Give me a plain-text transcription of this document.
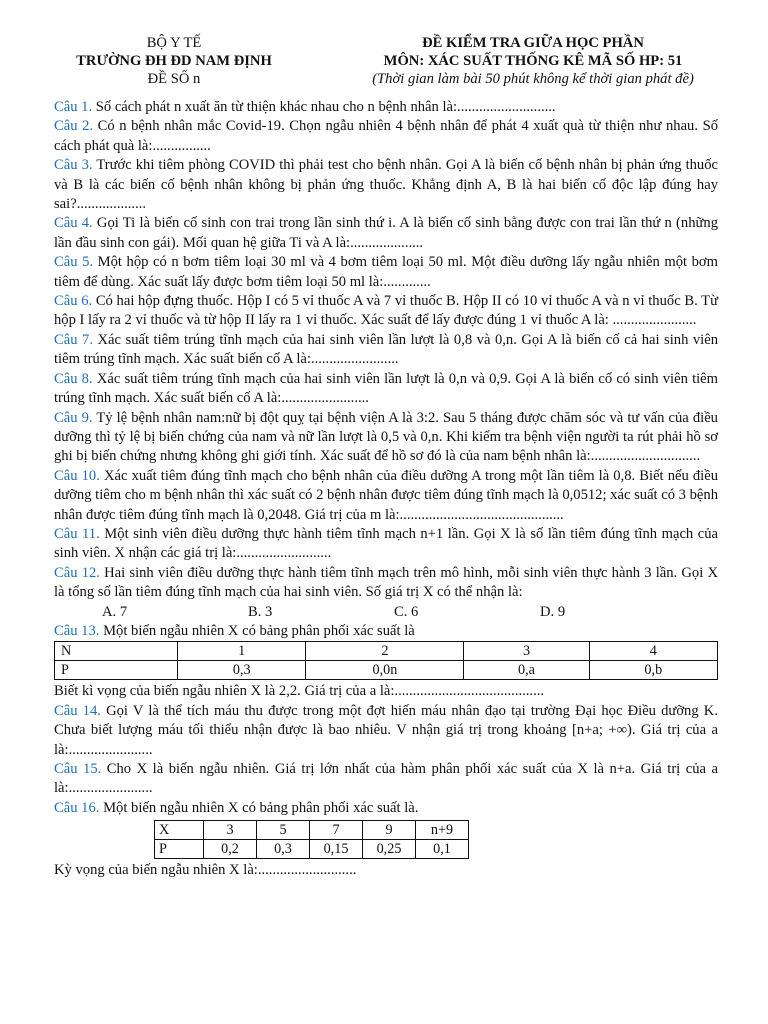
BỘ Y TẾ
TRƯỜNG ĐH ĐD NAM ĐỊNH
ĐỀ SỐ n
ĐỀ KIỂM TRA GIỮA HỌC PHẦN
MÔN: XÁC SUẤT THỐNG KÊ MÃ SỐ HP: 51
(Thời gian làm bài 50 phút không kể thời gian phát đề)

Câu 1. Số cách phát n xuất ăn từ thiện khác nhau cho n bệnh nhân là:...........................

Câu 2. Có n bệnh nhân mắc Covid-19. Chọn ngẫu nhiên 4 bệnh nhân để phát 4 xuất quà từ thiện như nhau. Số cách phát quà là:................

Câu 3. Trước khi tiêm phòng COVID thì phải test cho bệnh nhân. Gọi A là biến cố bệnh nhân bị phản ứng thuốc và B là các biến cố bệnh nhân không bị phản ứng thuốc. Khẳng định A, B là hai biến cố độc lập đúng hay sai?...................

Câu 4. Gọi Ti là biến cố sinh con trai trong lần sinh thứ i. A là biến cố sinh bằng được con trai lần thứ n (những lần đầu sinh con gái). Mối quan hệ giữa Ti và A là:....................

Câu 5. Một hộp có n bơm tiêm loại 30 ml và 4 bơm tiêm loại 50 ml. Một điều dưỡng lấy ngẫu nhiên một bơm tiêm để dùng. Xác suất lấy được bơm tiêm loại 50 ml là:.............

Câu 6. Có hai hộp đựng thuốc. Hộp I có 5 vỉ thuốc A và 7 vỉ thuốc B. Hộp II có 10 vỉ thuốc A và n vỉ thuốc B. Từ hộp I lấy ra 2 vỉ thuốc và từ hộp II lấy ra 1 vỉ thuốc. Xác suất để lấy được đúng 1 vỉ thuốc A là: .......................

Câu 7. Xác suất tiêm trúng tĩnh mạch của hai sinh viên lần lượt là 0,8 và 0,n. Gọi A là biến cố cả hai sinh viên tiêm trúng tĩnh mạch. Xác suất biến cố A là:........................

Câu 8. Xác suất tiêm trúng tĩnh mạch của hai sinh viên lần lượt là 0,n và 0,9. Gọi A là biến cố có sinh viên tiêm trúng tĩnh mạch. Xác suất biến cố A là:........................

Câu 9. Tỷ lệ bệnh nhân nam:nữ bị đột quỵ tại bệnh viện A là 3:2. Sau 5 tháng được chăm sóc và tư vấn của điều dưỡng thì tỷ lệ bị biến chứng của nam và nữ lần lượt là 0,5 và 0,n. Khi kiểm tra bệnh viện người ta rút phải hồ sơ ghi bị biến chứng nhưng không ghi giới tính. Xác suất để hồ sơ đó là của nam bệnh nhân là:..............................

Câu 10. Xác xuất tiêm đúng tĩnh mạch cho bệnh nhân của điều dưỡng A trong một lần tiêm là 0,8. Biết nếu điều dưỡng tiêm cho m bệnh nhân thì xác suất có 2 bệnh nhân được tiêm đúng tĩnh mạch là 0,0512; xác suất có 3 bệnh nhân được tiêm đúng tĩnh mạch là 0,2048. Giá trị của m là:.............................................

Câu 11. Một sinh viên điều dưỡng thực hành tiêm tĩnh mạch n+1 lần. Gọi X là số lần tiêm đúng tĩnh mạch của sinh viên. X nhận các giá trị là:..........................

Câu 12. Hai sinh viên điều dưỡng thực hành tiêm tĩnh mạch trên mô hình, mỗi sinh viên thực hành 3 lần. Gọi X là tổng số lần tiêm đúng tĩnh mạch của hai sinh viên. Số giá trị X có thể nhận là:

A. 7	B. 3	C. 6	D. 9

Câu 13. Một biến ngẫu nhiên X có bảng phân phối xác suất là

N	1	2	3	4
P	0,3	0,0n	0,a	0,b

Biết kì vọng của biến ngẫu nhiên X là 2,2. Giá trị của a là:.........................................

Câu 14. Gọi V là thể tích máu thu được trong một đợt hiến máu nhân đạo tại trường Đại học Điều dưỡng K. Chưa biết lượng máu tối thiểu nhận được là bao nhiêu. V nhận giá trị trong khoảng [n+a; +∞). Giá trị của a là:.......................

Câu 15. Cho X là biến ngẫu nhiên. Giá trị lớn nhất của hàm phân phối xác suất của X là n+a. Giá trị của a là:.......................

Câu 16. Một biến ngẫu nhiên X có bảng phân phối xác suất là.

X	3	5	7	9	n+9
P	0,2	0,3	0,15	0,25	0,1

Kỳ vọng của biến ngẫu nhiên X là:...........................
